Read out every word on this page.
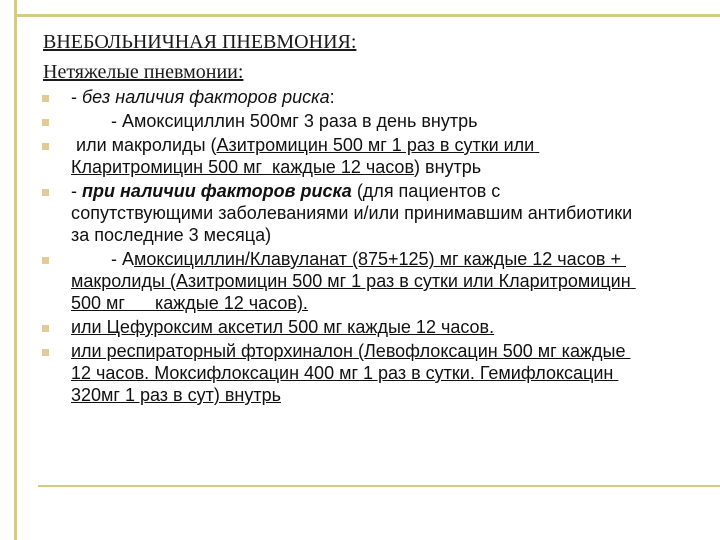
ВНЕБОЛЬНИЧНАЯ ПНЕВМОНИЯ:
Нетяжелые пневмонии:
- без наличия факторов риска:
- Амоксициллин 500мг 3 раза в день внутрь
или макролиды (Азитромицин 500 мг 1 раз в сутки или Кларитромицин 500 мг  каждые 12 часов) внутрь
- при наличии факторов риска (для пациентов с сопутствующими заболеваниями и/или принимавшим антибиотики за последние 3 месяца)
- Амоксициллин/Клавуланат (875+125) мг каждые 12 часов + макролиды (Азитромицин 500 мг 1 раз в сутки или Кларитромицин 500 мг      каждые 12 часов).
или Цефуроксим аксетил 500 мг каждые 12 часов.
или респираторный фторхиналон (Левофлоксацин 500 мг каждые 12 часов. Моксифлоксацин 400 мг 1 раз в сутки. Гемифлоксацин 320мг 1 раз в сут) внутрь
